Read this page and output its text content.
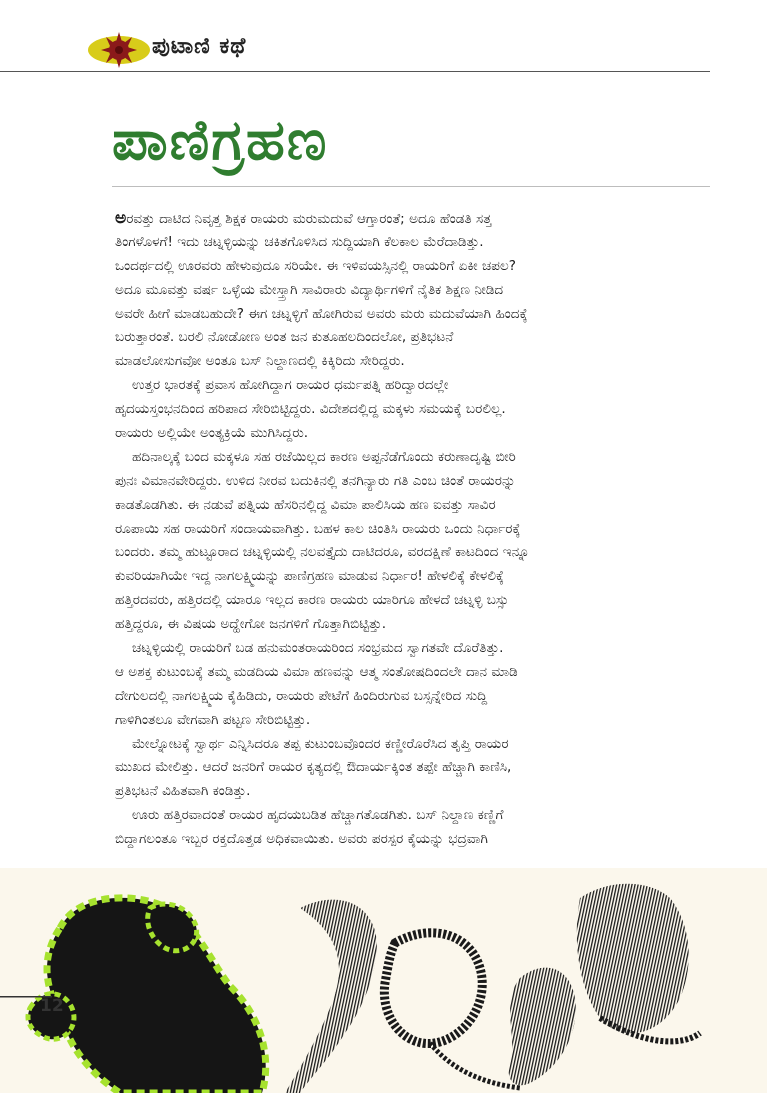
ಪುಟಾಣಿ ಕಥೆ
ಪಾಣಿಗ್ರಹಣ
ಅರವತ್ತು ದಾಟಿದ ನಿವೃತ್ತ ಶಿಕ್ಷಕ ರಾಯರು ಮರುಮದುವೆ ಆಗ್ತಾರಂತೆ; ಅದೂ ಹೆಂಡತಿ ಸತ್ತ
ತಿಂಗಳೊಳಗೆ! ಇದು ಚಟ್ನಳ್ಳಿಯನ್ನು ಚಕಿತಗೊಳಿಸಿದ ಸುದ್ದಿಯಾಗಿ ಕೆಲಕಾಲ ಮೆರೆದಾಡಿತ್ತು.
ಒಂದರ್ಥದಲ್ಲಿ ಊರವರು ಹೇಳುವುದೂ ಸರಿಯೇ. ಈ ಇಳಿವಯಸ್ಸಿನಲ್ಲಿ ರಾಯರಿಗೆ ಏಕೀ ಚಪಲ?
ಅದೂ ಮೂವತ್ತು ವರ್ಷ ಒಳ್ಳೆಯ ಮೇಸ್ತ್ರಾಗಿ ಸಾವಿರಾರು ವಿದ್ಯಾರ್ಥಿಗಳಿಗೆ ನೈತಿಕ ಶಿಕ್ಷಣ ನೀಡಿದ
ಅವರೇ ಹೀಗೆ ಮಾಡಬಹುದೇ? ಈಗ ಚಟ್ನಳ್ಳಿಗೆ ಹೋಗಿರುವ ಅವರು ಮರು ಮದುವೆಯಾಗಿ ಹಿಂದಕ್ಕೆ
ಬರುತ್ತಾರಂತೆ. ಬರಲಿ ನೋಡೋಣ ಅಂತ ಜನ ಕುತೂಹಲದಿಂದಲೋ, ಪ್ರತಿಭಟನೆ
ಮಾಡಲೋಸುಗವೋ ಅಂತೂ ಬಸ್ ನಿಲ್ದಾಣದಲ್ಲಿ ಕಿಕ್ಕಿರಿದು ಸೇರಿದ್ದರು.
ಉತ್ತರ ಭಾರತಕ್ಕೆ ಪ್ರವಾಸ ಹೋಗಿದ್ದಾಗ ರಾಯರ ಧರ್ಮಪತ್ನಿ ಹರಿದ್ವಾರದಲ್ಲೇ
ಹೃದಯಸ್ತಂಭನದಿಂದ ಹರಿಪಾದ ಸೇರಿಬಿಟ್ಟಿದ್ದರು. ವಿದೇಶದಲ್ಲಿದ್ದ ಮಕ್ಕಳು ಸಮಯಕ್ಕೆ ಬರಲಿಲ್ಲ.
ರಾಯರು ಅಲ್ಲಿಯೇ ಅಂತ್ಯಕ್ರಿಯೆ ಮುಗಿಸಿದ್ದರು.
ಹದಿನಾಲ್ಕಕ್ಕೆ ಬಂದ ಮಕ್ಕಳೂ ಸಹ ರಜೆಯಿಲ್ಲದ ಕಾರಣ ಅಪ್ಪನೆಡೆಗೊಂದು ಕರುಣಾದೃಷ್ಟಿ ಬೀರಿ
ಪುನಃ ವಿಮಾನವೇರಿದ್ದರು. ಉಳಿದ ನೀರವ ಬದುಕಿನಲ್ಲಿ ತನಗಿನ್ಯಾರು ಗತಿ ಎಂಬ ಚಿಂತೆ ರಾಯರನ್ನು
ಕಾಡತೊಡಗಿತು. ಈ ನಡುವೆ ಪತ್ನಿಯ ಹೆಸರಿನಲ್ಲಿದ್ದ ವಿಮಾ ಪಾಲಿಸಿಯ ಹಣ ಐವತ್ತು ಸಾವಿರ
ರೂಪಾಯಿ ಸಹ ರಾಯರಿಗೆ ಸಂದಾಯವಾಗಿತ್ತು. ಬಹಳ ಕಾಲ ಚಿಂತಿಸಿ ರಾಯರು ಒಂದು ನಿರ್ಧಾರಕ್ಕೆ
ಬಂದರು. ತಮ್ಮ ಹುಟ್ಟೂರಾದ ಚಟ್ನಳ್ಳಿಯಲ್ಲಿ ನಲವತ್ತೈದು ದಾಟಿದರೂ, ವರದಕ್ಷಿಣೆ ಕಾಟದಿಂದ ಇನ್ನೂ
ಕುವರಿಯಾಗಿಯೇ ಇದ್ದ ನಾಗಲಕ್ಷ್ಮಿಯನ್ನು ಪಾಣಿಗ್ರಹಣ ಮಾಡುವ ನಿರ್ಧಾರ! ಹೇಳಲಿಕ್ಕೆ ಕೇಳಲಿಕ್ಕೆ
ಹತ್ತಿರದವರು, ಹತ್ತಿರದಲ್ಲಿ ಯಾರೂ ಇಲ್ಲದ ಕಾರಣ ರಾಯರು ಯಾರಿಗೂ ಹೇಳದೆ ಚಟ್ನಳ್ಳಿ ಬಸ್ಸು
ಹತ್ತಿದ್ದರೂ, ಈ ವಿಷಯ ಅದ್ಹೇಗೋ ಜನಗಳಿಗೆ ಗೊತ್ತಾಗಿಬಿಟ್ಟಿತ್ತು.
ಚಟ್ನಳ್ಳಿಯಲ್ಲಿ ರಾಯರಿಗೆ ಬಡ ಹನುಮಂತರಾಯರಿಂದ ಸಂಭ್ರಮದ ಸ್ವಾಗತವೇ ದೊರೆತಿತ್ತು.
ಆ ಅಶಕ್ತ ಕುಟುಂಬಕ್ಕೆ ತಮ್ಮ ಮಡದಿಯ ವಿಮಾ ಹಣವನ್ನು ಆತ್ಮ ಸಂತೋಷದಿಂದಲೇ ದಾನ ಮಾಡಿ
ದೇಗುಲದಲ್ಲಿ ನಾಗಲಕ್ಷ್ಮಿಯ ಕೈಹಿಡಿದು, ರಾಯರು ಪೇಟೆಗೆ ಹಿಂದಿರುಗುವ ಬಸ್ಸನ್ನೇರಿದ ಸುದ್ದಿ
ಗಾಳಿಗಿಂತಲೂ ವೇಗವಾಗಿ ಪಟ್ಟಣ ಸೇರಿಬಿಟ್ಟಿತ್ತು.
ಮೇಲ್ನೋಟಕ್ಕೆ ಸ್ವಾರ್ಥ ಎನ್ನಿಸಿದರೂ ತಪ್ಪ ಕುಟುಂಬವೊಂದರ ಕಣ್ಣೀರೊರೆಸಿದ ತೃಪ್ತಿ ರಾಯರ
ಮುಖದ ಮೇಲಿತ್ತು. ಆದರೆ ಜನರಿಗೆ ರಾಯರ ಕೃತ್ಯದಲ್ಲಿ ಔದಾರ್ಯಕ್ಕಿಂತ ತಪ್ಪೇ ಹೆಚ್ಚಾಗಿ ಕಾಣಿಸಿ,
ಪ್ರತಿಭಟನೆ ವಿಹಿತವಾಗಿ ಕಂಡಿತ್ತು.
ಊರು ಹತ್ತಿರವಾದಂತೆ ರಾಯರ ಹೃದಯಬಡಿತ ಹೆಚ್ಚಾಗತೊಡಗಿತು. ಬಸ್ ನಿಲ್ದಾಣ ಕಣ್ಣಿಗೆ
ಬಿದ್ದಾಗಲಂತೂ ಇಬ್ಬರ ರಕ್ತದೊತ್ತಡ ಅಧಿಕವಾಯಿತು. ಅವರು ಪರಸ್ಪರ ಕೈಯನ್ನು ಭದ್ರವಾಗಿ
12
